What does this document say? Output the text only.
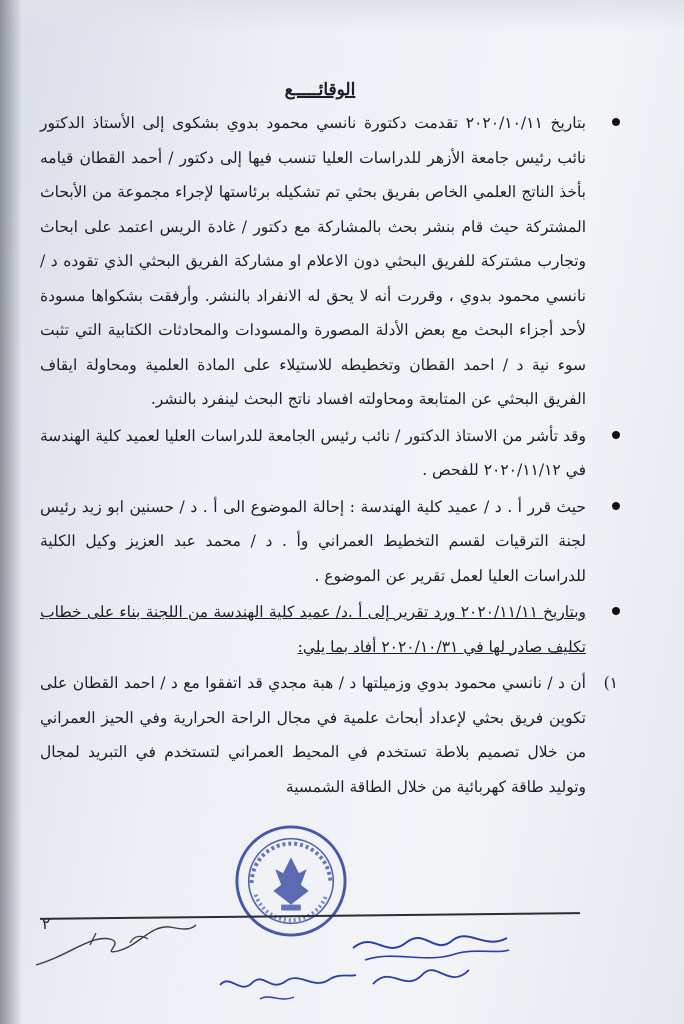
الوقائـــــع
بتاريخ ٢٠٢٠/١٠/١١ تقدمت دكتورة نانسي محمود بدوي بشكوى إلى الأستاذ الدكتور نائب رئيس جامعة الأزهر للدراسات العليا تنسب فيها إلى دكتور / أحمد القطان قيامه بأخذ الناتج العلمي الخاص بفريق بحثي تم تشكيله برئاستها لإجراء مجموعة من الأبحاث المشتركة حيث قام بنشر بحث بالمشاركة مع دكتور / غادة الريس اعتمد على ابحاث وتجارب مشتركة للفريق البحثي دون الاعلام او مشاركة الفريق البحثي الذي تقوده د / نانسي محمود بدوي ، وقررت أنه لا يحق له الانفراد بالنشر. وأرفقت بشكواها مسودة لأحد أجزاء البحث مع بعض الأدلة المصورة والمسودات والمحادثات الكتابية التي تثبت سوء نية د / احمد القطان وتخطيطه للاستيلاء على المادة العلمية ومحاولة ايقاف الفريق البحثي عن المتابعة ومحاولته افساد ناتج البحث لينفرد بالنشر.
وقد تأشر من الاستاذ الدكتور / نائب رئيس الجامعة للدراسات العليا لعميد كلية الهندسة في ٢٠٢٠/١١/١٢ للفحص .
حيث قرر أ . د / عميد كلية الهندسة : إحالة الموضوع الى أ . د / حسنين ابو زيد رئيس لجنة الترقيات لقسم التخطيط العمراني وأ . د / محمد عبد العزيز وكيل الكلية للدراسات العليا لعمل تقرير عن الموضوع .
وبتاريخ ٢٠٢٠/١١/١١ ورد تقرير إلى أ .د/ عميد كلية الهندسة من اللجنة بناء على خطاب تكليف صادر لها في ٢٠٢٠/١٠/٣١ أفاد بما يلي:
١)
أن د / نانسي محمود بدوي وزميلتها د / هبة مجدي قد اتفقوا مع د / احمد القطان على تكوين فريق بحثي لإعداد أبحاث علمية في مجال الراحة الحرارية وفي الحيز العمراني من خلال تصميم بلاطة تستخدم في المحيط العمراني لتستخدم في التبريد لمجال وتوليد طاقة كهربائية من خلال الطاقة الشمسية
٢
